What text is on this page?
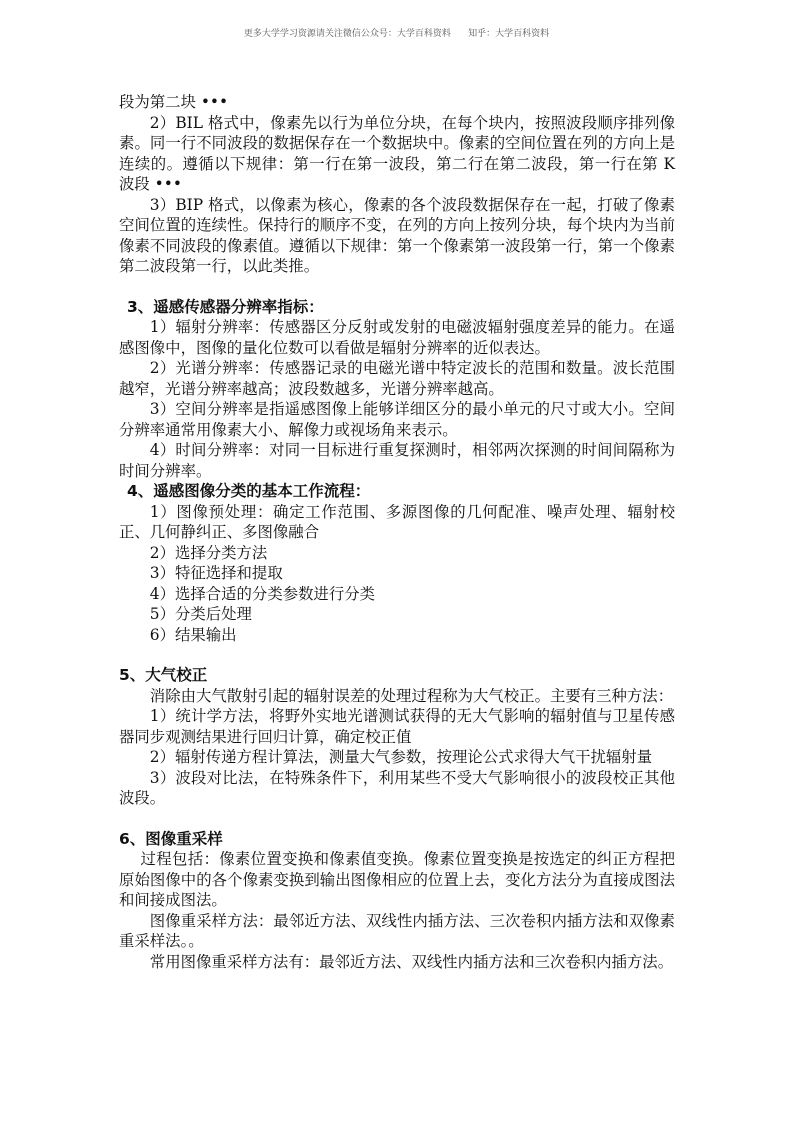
更多大学学习资源请关注微信公众号：大学百科资料      知乎：大学百科资料

段为第二块 •••

2）BIL 格式中，像素先以行为单位分块，在每个块内，按照波段顺序排列像素。同一行不同波段的数据保存在一个数据块中。像素的空间位置在列的方向上是连续的。遵循以下规律：第一行在第一波段，第二行在第二波段，第一行在第 K 波段 •••

3）BIP 格式，以像素为核心，像素的各个波段数据保存在一起，打破了像素空间位置的连续性。保持行的顺序不变，在列的方向上按列分块，每个块内为当前像素不同波段的像素值。遵循以下规律：第一个像素第一波段第一行，第一个像素第二波段第一行，以此类推。

3、遥感传感器分辨率指标：

1）辐射分辨率：传感器区分反射或发射的电磁波辐射强度差异的能力。在遥感图像中，图像的量化位数可以看做是辐射分辨率的近似表达。

2）光谱分辨率：传感器记录的电磁光谱中特定波长的范围和数量。波长范围越窄，光谱分辨率越高；波段数越多，光谱分辨率越高。

3）空间分辨率是指遥感图像上能够详细区分的最小单元的尺寸或大小。空间分辨率通常用像素大小、解像力或视场角来表示。

4）时间分辨率：对同一目标进行重复探测时，相邻两次探测的时间间隔称为时间分辨率。

4、遥感图像分类的基本工作流程：

1）图像预处理：确定工作范围、多源图像的几何配准、噪声处理、辐射校正、几何静纠正、多图像融合

2）选择分类方法

3）特征选择和提取

4）选择合适的分类参数进行分类

5）分类后处理

6）结果输出

5、大气校正

消除由大气散射引起的辐射误差的处理过程称为大气校正。主要有三种方法：

1）统计学方法，将野外实地光谱测试获得的无大气影响的辐射值与卫星传感器同步观测结果进行回归计算，确定校正值

2）辐射传递方程计算法，测量大气参数，按理论公式求得大气干扰辐射量

3）波段对比法，在特殊条件下，利用某些不受大气影响很小的波段校正其他波段。

6、图像重采样

过程包括：像素位置变换和像素值变换。像素位置变换是按选定的纠正方程把原始图像中的各个像素变换到输出图像相应的位置上去，变化方法分为直接成图法和间接成图法。

图像重采样方法：最邻近方法、双线性内插方法、三次卷积内插方法和双像素重采样法。。

常用图像重采样方法有：最邻近方法、双线性内插方法和三次卷积内插方法。
